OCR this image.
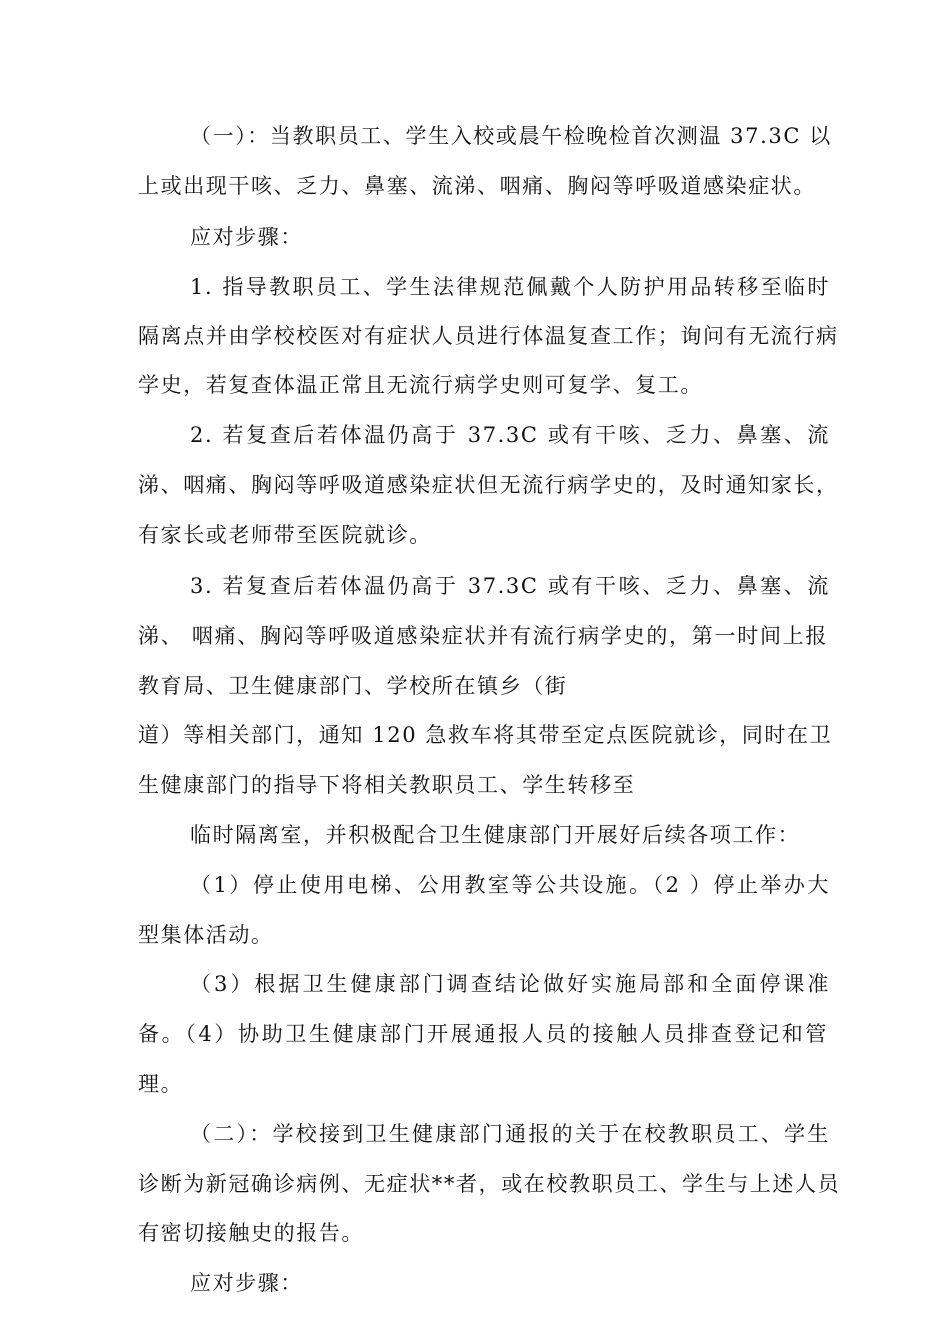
（一）：当教职员工、学生入校或晨午检晚检首次测温 37.3C 以
上或出现干咳、乏力、鼻塞、流涕、咽痛、胸闷等呼吸道感染症状。
应对步骤：
1. 指导教职员工、学生法律规范佩戴个人防护用品转移至临时
隔离点并由学校校医对有症状人员进行体温复查工作；询问有无流行病
学史，若复查体温正常且无流行病学史则可复学、复工。
2. 若复查后若体温仍高于 37.3C 或有干咳、乏力、鼻塞、流
涕、咽痛、胸闷等呼吸道感染症状但无流行病学史的，及时通知家长，
有家长或老师带至医院就诊。
3. 若复查后若体温仍高于 37.3C 或有干咳、乏力、鼻塞、流
涕、 咽痛、胸闷等呼吸道感染症状并有流行病学史的，第一时间上报
教育局、卫生健康部门、学校所在镇乡（街
道）等相关部门，通知 120 急救车将其带至定点医院就诊，同时在卫
生健康部门的指导下将相关教职员工、学生转移至
临时隔离室，并积极配合卫生健康部门开展好后续各项工作：
（1）停止使用电梯、公用教室等公共设施。（2 ）停止举办大
型集体活动。
（3）根据卫生健康部门调查结论做好实施局部和全面停课准
备。（4）协助卫生健康部门开展通报人员的接触人员排查登记和管
理。
（二）：学校接到卫生健康部门通报的关于在校教职员工、学生
诊断为新冠确诊病例、无症状**者，或在校教职员工、学生与上述人员
有密切接触史的报告。
应对步骤：
